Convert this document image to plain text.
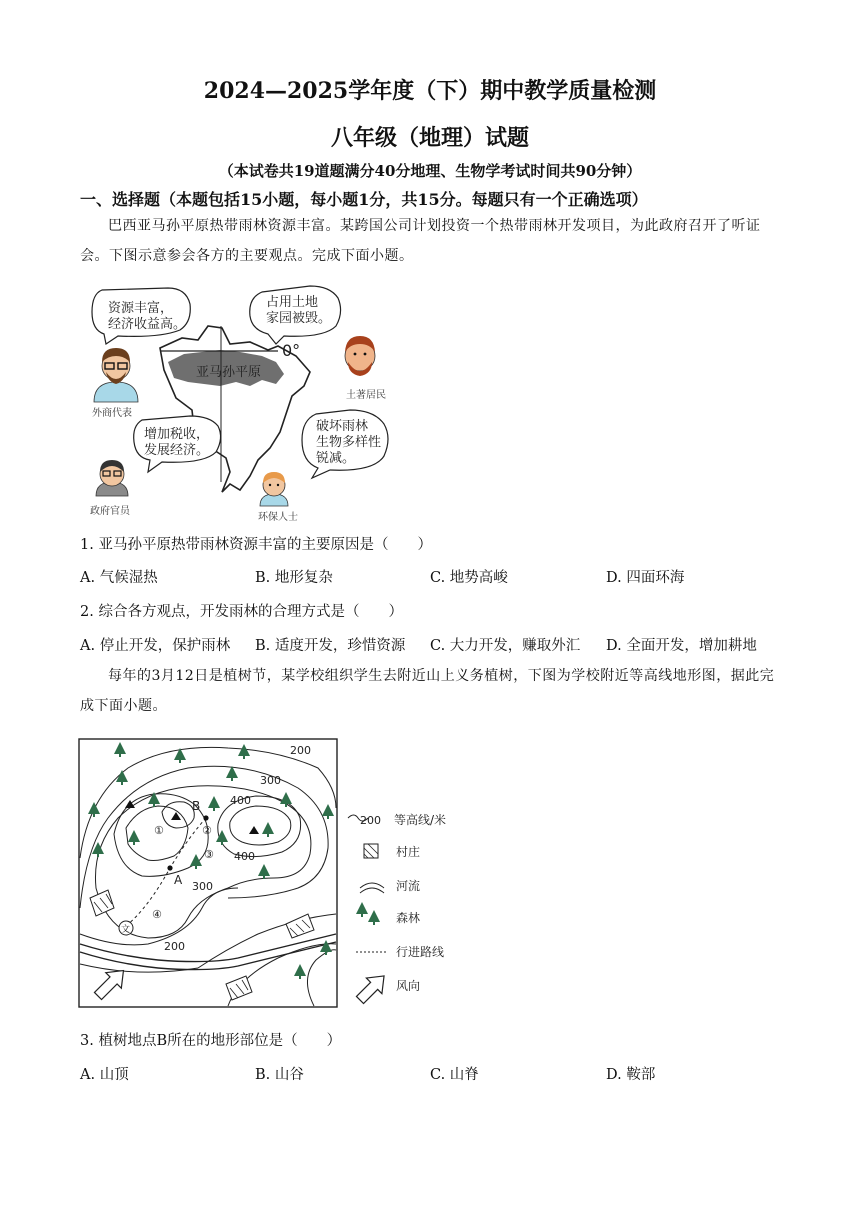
2024—2025学年度（下）期中教学质量检测
八年级（地理）试题
（本试卷共19道题满分40分地理、生物学考试时间共90分钟）
一、选择题（本题包括15小题，每小题1分，共15分。每题只有一个正确选项）
巴西亚马孙平原热带雨林资源丰富。某跨国公司计划投资一个热带雨林开发项目，为此政府召开了听证会。下图示意参会各方的主要观点。完成下面小题。
亚马孙平原
0°
资源丰富，
经济收益高。
占用土地
家园被毁。
增加税收，
发展经济。
破坏雨林
生物多样性
锐减。
外商代表
土著居民
政府官员
环保人士
1. 亚马孙平原热带雨林资源丰富的主要原因是（　　）
A. 气候湿热	B. 地形复杂	C. 地势高峻	D. 四面环海
2. 综合各方观点，开发雨林的合理方式是（　　）
A. 停止开发，保护雨林 B. 适度开发，珍惜资源 C. 大力开发，赚取外汇 D. 全面开发，增加耕地
每年的3月12日是植树节，某学校组织学生去附近山上义务植树，下图为学校附近等高线地形图，据此完成下面小题。
B
A
①	②
③
④
文
200
300
400
400
300
200
200 等高线/米
村庄
河流
森林
行进路线
风向
3. 植树地点B所在的地形部位是（　　）
A. 山顶	B. 山谷	C. 山脊	D. 鞍部
